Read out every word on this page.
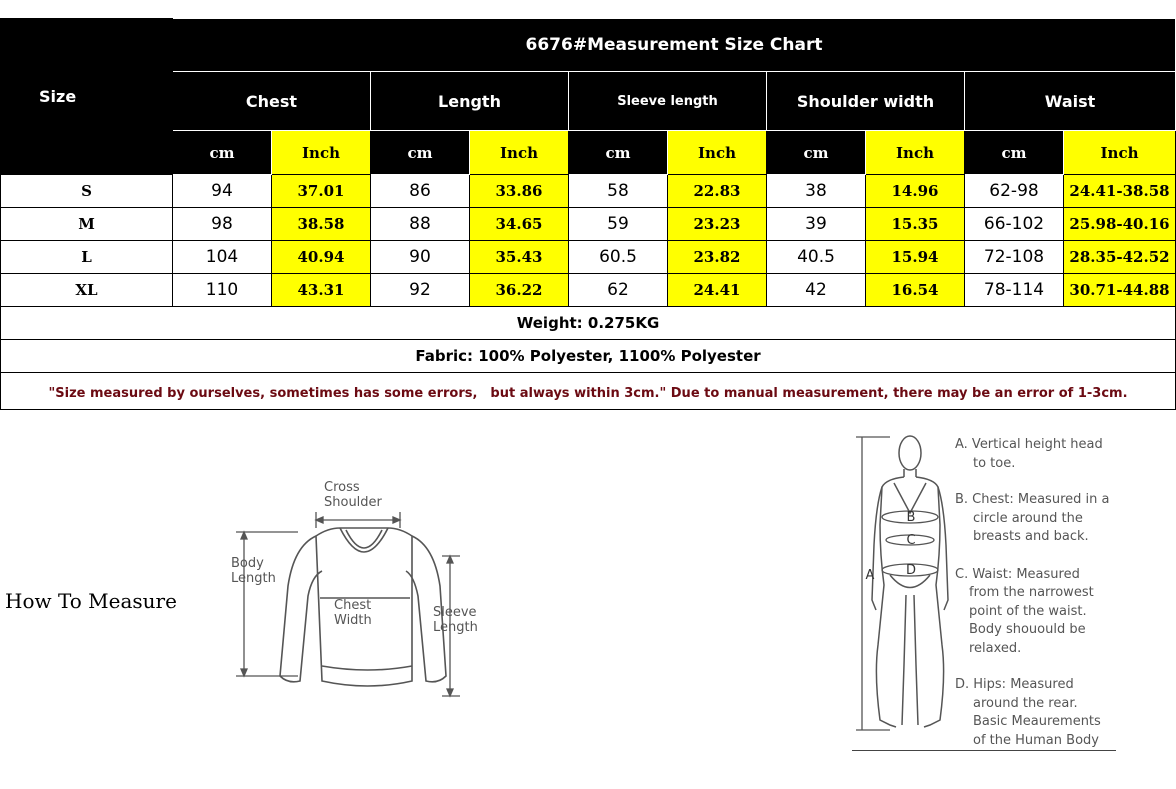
Size	6676#Measurement Size Chart									
	Chest		Length		Sleeve length		Shoulder width		Waist	
	cm	Inch	cm	Inch	cm	Inch	cm	Inch	cm	Inch
S	94	37.01	86	33.86	58	22.83	38	14.96	62-98	24.41-38.58
M	98	38.58	88	34.65	59	23.23	39	15.35	66-102	25.98-40.16
L	104	40.94	90	35.43	60.5	23.82	40.5	15.94	72-108	28.35-42.52
XL	110	43.31	92	36.22	62	24.41	42	16.54	78-114	30.71-44.88
Weight: 0.275KG										
Fabric: 100% Polyester, 1100% Polyester										
"Size measured by ourselves, sometimes has some errors,　but always within 3cm." Due to manual measurement, there may be an error of 1-3cm.										
How To Measure
Cross
Shoulder
Body
Length
Chest
Width
Sleeve
Length
B
C
D
A
A. Vertical height head
to toe.
B. Chest: Measured in a
circle around the
breasts and back.
C. Waist: Measured
from the narrowest
point of the waist.
Body shouould be
relaxed.
D. Hips: Measured
around the rear.
Basic Meaurements
of the Human Body
